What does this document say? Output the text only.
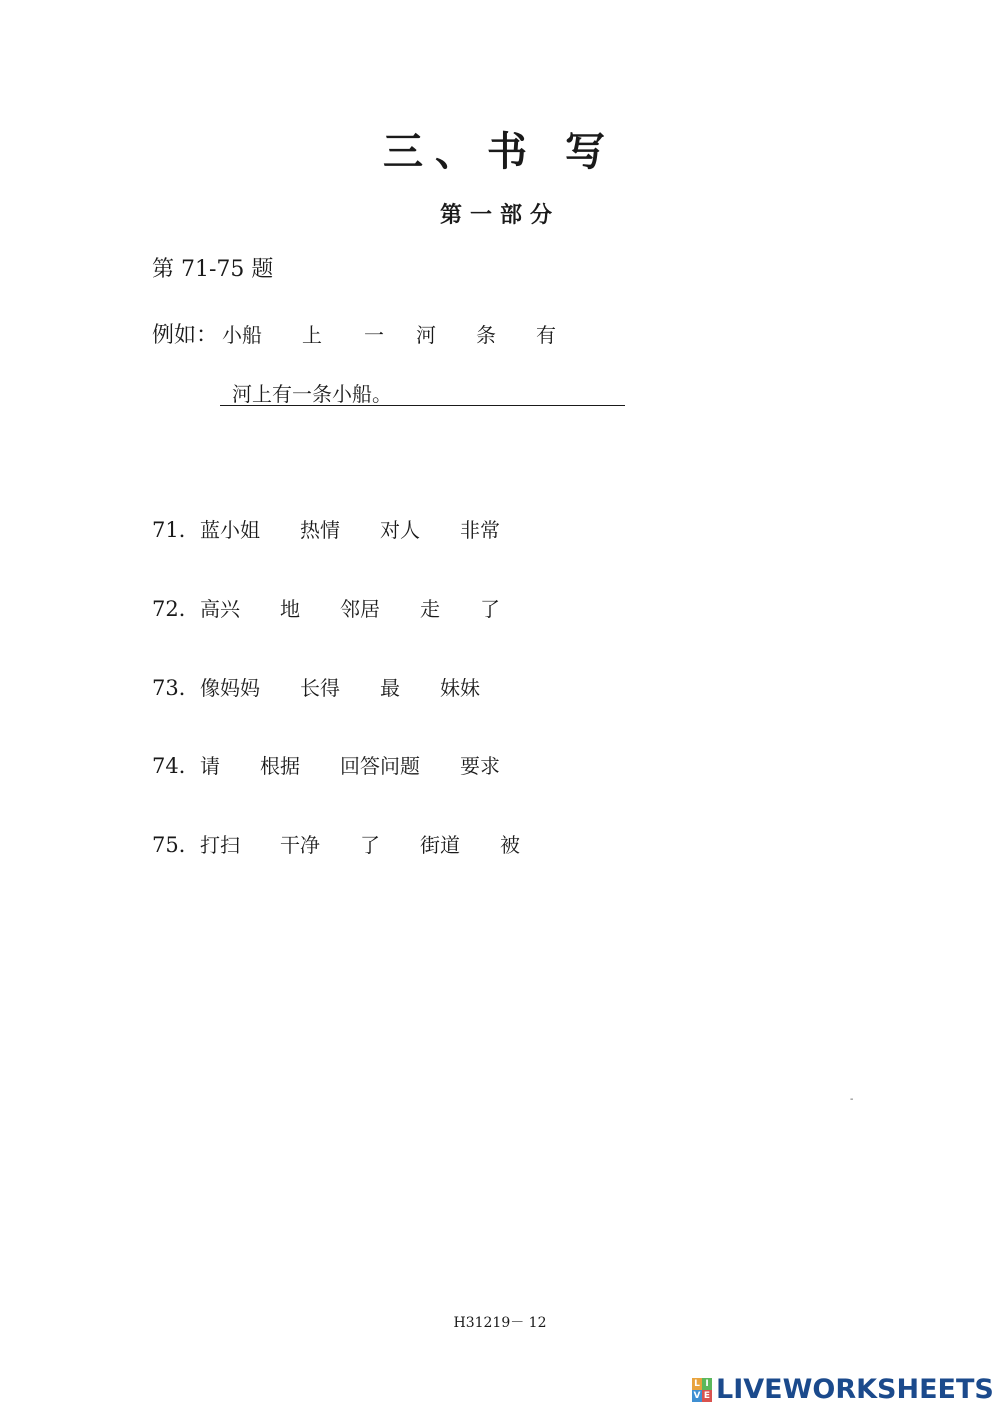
三、书 写
第一部分
第 71-75 题
例如： 小船 上 一 河 条 有
河上有一条小船。
71． 蓝小姐 热情 对人 非常
72． 高兴 地 邻居 走 了
73． 像妈妈 长得 最 妹妹
74． 请 根据 回答问题 要求
75． 打扫 干净 了 街道 被
-
H31219－ 12
L I
V E LIVEWORKSHEETS
